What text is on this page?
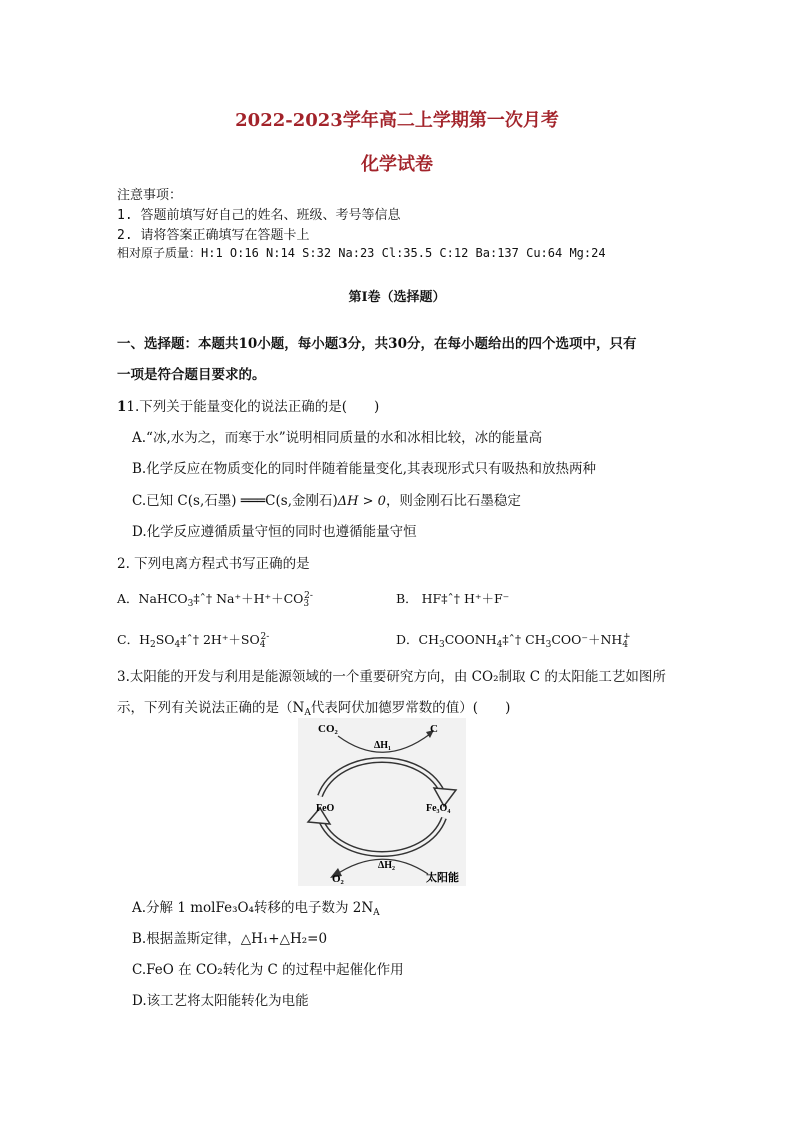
2022-2023学年高二上学期第一次月考
化学试卷
注意事项：
1. 答题前填写好自己的姓名、班级、考号等信息
2. 请将答案正确填写在答题卡上
相对原子质量：H:1 O:16 N:14 S:32 Na:23 Cl:35.5 C:12 Ba:137 Cu:64 Mg:24
第I卷（选择题）
一、选择题：本题共10小题，每小题3分，共30分，在每小题给出的四个选项中，只有
一项是符合题目要求的。
11.下列关于能量变化的说法正确的是(　　)
A.“冰,水为之，而寒于水”说明相同质量的水和冰相比较，冰的能量高
B.化学反应在物质变化的同时伴随着能量变化,其表现形式只有吸热和放热两种
C.已知 C(s,石墨) ═══C(s,金刚石)ΔH > 0，则金刚石比石墨稳定
D.化学反应遵循质量守恒的同时也遵循能量守恒
2. 下列电离方程式书写正确的是
A．NaHCO$_3$‡ˆ† $Na^++H^++CO_3^{2-}$	B． HF‡ˆ† H⁺＋F⁻
C．$H_2SO_4\ddagger ˆ\dagger$ $2H^++SO_4^{2-}$	D．$CH_3COONH_4\ddagger ˆ\dagger$ $CH_3COO^-+NH_4^+$
3.太阳能的开发与利用是能源领域的一个重要研究方向，由 CO₂制取 C 的太阳能工艺如图所
示，下列有关说法正确的是（$N_A$代表阿伏加德罗常数的值）(　　)
CO₂	C
ΔH₁
FeO	Fe₃O₄
ΔH₂
O₂	太阳能
A.分解 1 molFe₃O₄转移的电子数为 $2N_A$
B.根据盖斯定律，△H₁+△H₂=0
C.FeO 在 CO₂转化为 C 的过程中起催化作用
D.该工艺将太阳能转化为电能
